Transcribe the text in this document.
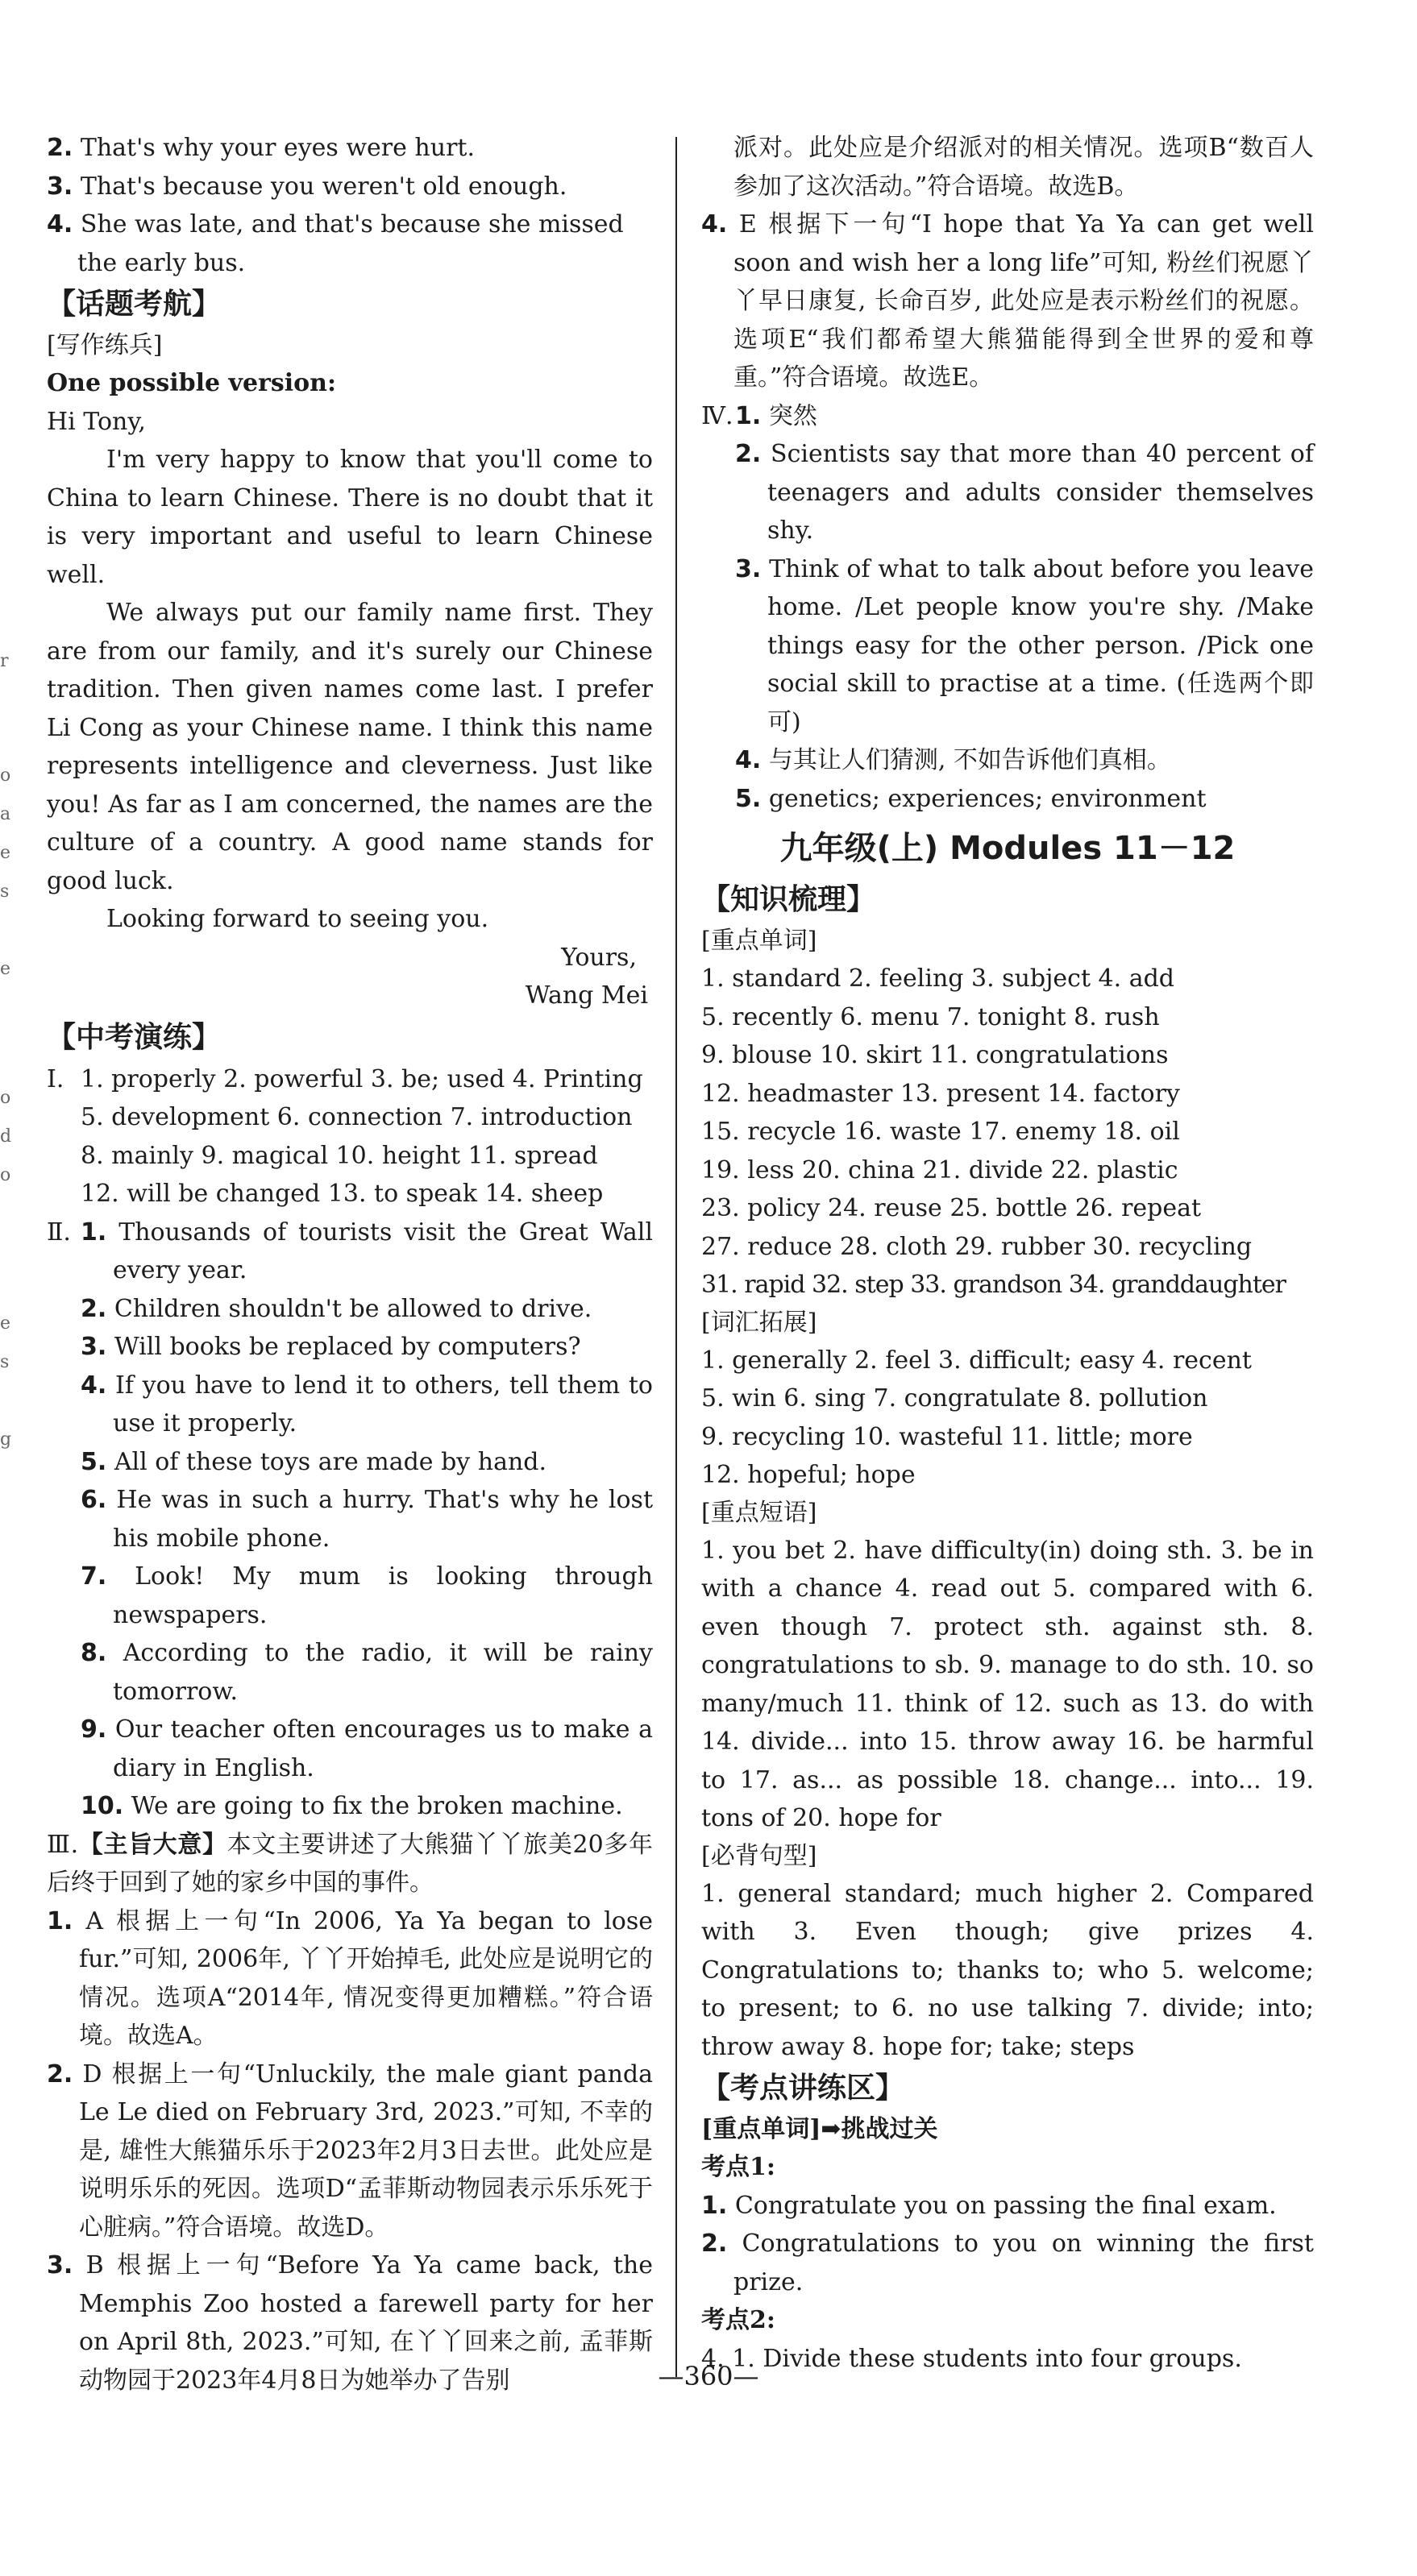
r
o
a
e
s
e
o
d
o
e
s
g

2. That's why your eyes were hurt.

3. That's because you weren't old enough.

4. She was late, and that's because she missed the early bus.

【话题考航】

[写作练兵]

One possible version:

Hi Tony,

I'm very happy to know that you'll come to China to learn Chinese. There is no doubt that it is very important and useful to learn Chinese well.

We always put our family name first. They are from our family, and it's surely our Chinese tradition. Then given names come last. I prefer Li Cong as your Chinese name. I think this name represents intelligence and cleverness. Just like you! As far as I am concerned, the names are the culture of a country. A good name stands for good luck.

Looking forward to seeing you.

Yours,

Wang Mei

【中考演练】

Ⅰ. 1. properly 2. powerful 3. be; used 4. Printing

5. development 6. connection 7. introduction

8. mainly 9. magical 10. height 11. spread

12. will be changed 13. to speak 14. sheep

Ⅱ. 1. Thousands of tourists visit the Great Wall every year.

2. Children shouldn't be allowed to drive.

3. Will books be replaced by computers?

4. If you have to lend it to others, tell them to use it properly.

5. All of these toys are made by hand.

6. He was in such a hurry. That's why he lost his mobile phone.

7. Look! My mum is looking through newspapers.

8. According to the radio, it will be rainy tomorrow.

9. Our teacher often encourages us to make a diary in English.

10. We are going to fix the broken machine.

Ⅲ.【主旨大意】本文主要讲述了大熊猫丫丫旅美20多年后终于回到了她的家乡中国的事件。

1. A 根据上一句“In 2006, Ya Ya began to lose fur.”可知, 2006年, 丫丫开始掉毛, 此处应是说明它的情况。选项A“2014年, 情况变得更加糟糕。”符合语境。故选A。

2. D 根据上一句“Unluckily, the male giant panda Le Le died on February 3rd, 2023.”可知, 不幸的是, 雄性大熊猫乐乐于2023年2月3日去世。此处应是说明乐乐的死因。选项D“孟菲斯动物园表示乐乐死于心脏病。”符合语境。故选D。

3. B 根据上一句“Before Ya Ya came back, the Memphis Zoo hosted a farewell party for her on April 8th, 2023.”可知, 在丫丫回来之前, 孟菲斯动物园于2023年4月8日为她举办了告别

派对。此处应是介绍派对的相关情况。选项B“数百人参加了这次活动。”符合语境。故选B。

4. E 根据下一句“I hope that Ya Ya can get well soon and wish her a long life”可知, 粉丝们祝愿丫丫早日康复, 长命百岁, 此处应是表示粉丝们的祝愿。选项E“我们都希望大熊猫能得到全世界的爱和尊重。”符合语境。故选E。

Ⅳ. 1. 突然

2. Scientists say that more than 40 percent of teenagers and adults consider themselves shy.

3. Think of what to talk about before you leave home. /Let people know you're shy. /Make things easy for the other person. /Pick one social skill to practise at a time. (任选两个即可)

4. 与其让人们猜测, 不如告诉他们真相。

5. genetics; experiences; environment

九年级(上) Modules 11－12

【知识梳理】

[重点单词]

1. standard 2. feeling 3. subject 4. add

5. recently 6. menu 7. tonight 8. rush

9. blouse 10. skirt 11. congratulations

12. headmaster 13. present 14. factory

15. recycle 16. waste 17. enemy 18. oil

19. less 20. china 21. divide 22. plastic

23. policy 24. reuse 25. bottle 26. repeat

27. reduce 28. cloth 29. rubber 30. recycling

31. rapid 32. step 33. grandson 34. granddaughter

[词汇拓展]

1. generally 2. feel 3. difficult; easy 4. recent

5. win 6. sing 7. congratulate 8. pollution

9. recycling 10. wasteful 11. little; more

12. hopeful; hope

[重点短语]

1. you bet 2. have difficulty(in) doing sth. 3. be in with a chance 4. read out 5. compared with 6. even though 7. protect sth. against sth. 8. congratulations to sb. 9. manage to do sth. 10. so many/much 11. think of 12. such as 13. do with 14. divide... into 15. throw away 16. be harmful to 17. as... as possible 18. change... into... 19. tons of 20. hope for

[必背句型]

1. general standard; much higher 2. Compared with 3. Even though; give prizes 4. Congratulations to; thanks to; who 5. welcome; to present; to 6. no use talking 7. divide; into; throw away 8. hope for; take; steps

【考点讲练区】

[重点单词]➡挑战过关

考点1:

1. Congratulate you on passing the final exam.

2. Congratulations to you on winning the first prize.

考点2:

4. 1. Divide these students into four groups.

—360—
